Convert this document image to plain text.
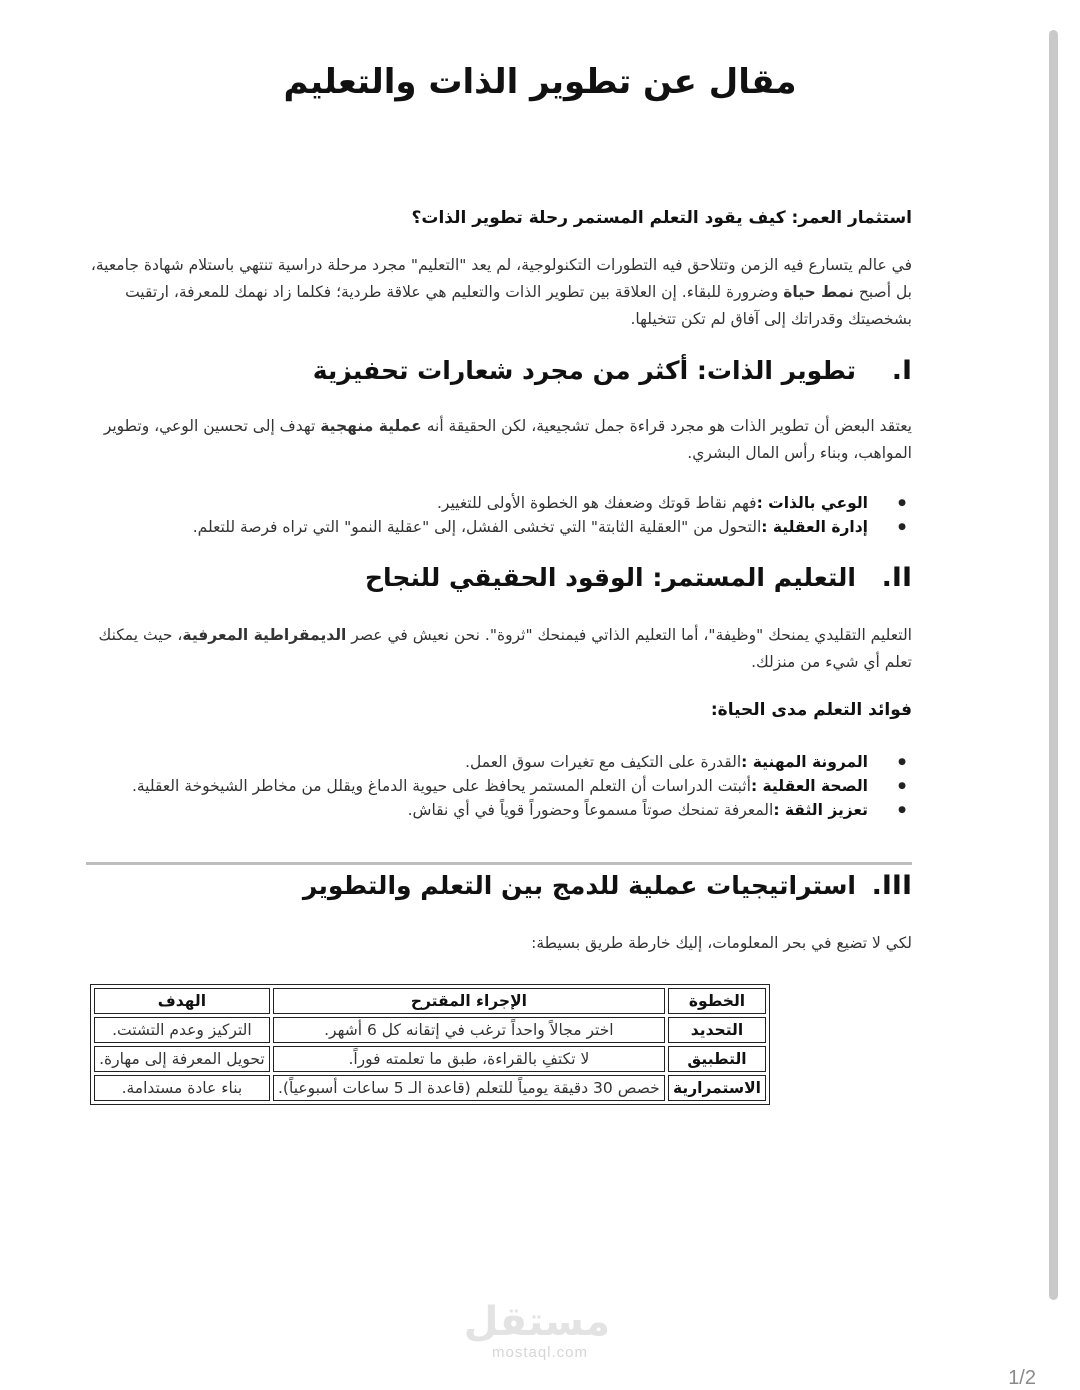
مقال عن تطوير الذات والتعليم

استثمار العمر: كيف يقود التعلم المستمر رحلة تطوير الذات؟

في عالم يتسارع فيه الزمن وتتلاحق فيه التطورات التكنولوجية، لم يعد "التعليم" مجرد مرحلة دراسية تنتهي باستلام شهادة جامعية، بل أصبح نمط حياة وضرورة للبقاء. إن العلاقة بين تطوير الذات والتعليم هي علاقة طردية؛ فكلما زاد نهمك للمعرفة، ارتقيت بشخصيتك وقدراتك إلى آفاق لم تكن تتخيلها.

I.
تطوير الذات: أكثر من مجرد شعارات تحفيزية

يعتقد البعض أن تطوير الذات هو مجرد قراءة جمل تشجيعية، لكن الحقيقة أنه عملية منهجية تهدف إلى تحسين الوعي، وتطوير المواهب، وبناء رأس المال البشري.

● الوعي بالذات :فهم نقاط قوتك وضعفك هو الخطوة الأولى للتغيير.
● إدارة العقلية :التحول من "العقلية الثابتة" التي تخشى الفشل، إلى "عقلية النمو" التي تراه فرصة للتعلم.
II.
التعليم المستمر: الوقود الحقيقي للنجاح

التعليم التقليدي يمنحك "وظيفة"، أما التعليم الذاتي فيمنحك "ثروة". نحن نعيش في عصر الديمقراطية المعرفية، حيث يمكنك تعلم أي شيء من منزلك.

فوائد التعلم مدى الحياة:

● المرونة المهنية :القدرة على التكيف مع تغيرات سوق العمل.
● الصحة العقلية :أثبتت الدراسات أن التعلم المستمر يحافظ على حيوية الدماغ ويقلل من مخاطر الشيخوخة العقلية.
● تعزيز الثقة :المعرفة تمنحك صوتاً مسموعاً وحضوراً قوياً في أي نقاش.
III.
استراتيجيات عملية للدمج بين التعلم والتطوير

لكي لا تضيع في بحر المعلومات، إليك خارطة طريق بسيطة:

الخطوة	الإجراء المقترح	الهدف
التحديد	اختر مجالاً واحداً ترغب في إتقانه كل 6 أشهر.	التركيز وعدم التشتت.
التطبيق	لا تكتفِ بالقراءة، طبق ما تعلمته فوراً.	تحويل المعرفة إلى مهارة.
الاستمرارية	خصص 30 دقيقة يومياً للتعلم (قاعدة الـ 5 ساعات أسبوعياً).	بناء عادة مستدامة.
مستقل
mostaql.com
1/2
